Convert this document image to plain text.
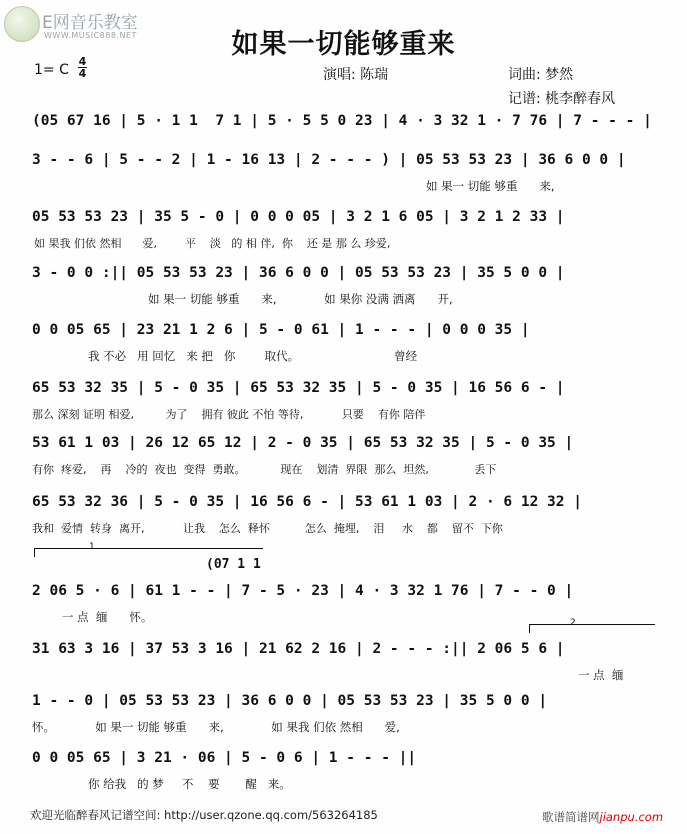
E网音乐教室
WWW.MUSIC888.NET	如果一切能够重来
1= C
4
4	演唱: 陈瑞	词曲: 梦然
记谱: 桃李醉春风
(05 67 16 | 5 · 1 1  7 1 | 5 · 5 5 0 23 | 4 · 3 32 1 · 7 76 | 7 - - - |
3 - - 6 | 5 - - 2 | 1 - 16 13 | 2 - - - ) | 05 53 53 23 | 36 6 0 0 |
如 果一 切能 够重      来,
05 53 53 23 | 35 5 - 0 | 0 0 0 05 | 3 2 1 6 05 | 3 2 1 2 33 |
如 果我 们依 然相      爱,        平    淡   的 相 伴,  你    还 是 那 么 珍爱,
3 - 0 0 :|| 05 53 53 23 | 36 6 0 0 | 05 53 53 23 | 35 5 0 0 |
如 果一 切能 够重      来,             如 果你 没满 洒离      开,
0 0 05 65 | 23 21 1 2 6 | 5 - 0 61 | 1 - - - | 0 0 0 35 |
我 不必   用 回忆   来 把   你        取代。                          曾经
65 53 32 35 | 5 - 0 35 | 65 53 32 35 | 5 - 0 35 | 16 56 6 - |
那么 深刻 证明 相爱,         为了    拥有 彼此 不怕 等待,           只要    有你 陪伴
53 61 1 03 | 26 12 65 12 | 2 - 0 35 | 65 53 32 35 | 5 - 0 35 |
有你  疼爱,    再    冷的  夜也  变得  勇敢。          现在    划清  界限  那么  坦然,             丢下
65 53 32 36 | 5 - 0 35 | 16 56 6 - | 53 61 1 03 | 2 · 6 12 32 |
我和  爱情  转身  离开,           让我    怎么  释怀          怎么  掩埋,    泪     水    都    留不  下你
1
(07 1 1
2 06 5 · 6 | 61 1 - - | 7 - 5 · 23 | 4 · 3 32 1 76 | 7 - - 0 |
一 点  缅      怀。	2
31 63 3 16 | 37 53 3 16 | 21 62 2 16 | 2 - - - :|| 2 06 5 6 |
一 点  缅
1 - - 0 | 05 53 53 23 | 36 6 0 0 | 05 53 53 23 | 35 5 0 0 |
怀。           如 果一 切能 够重      来,             如 果我 们依 然相      爱,
0 0 05 65 | 3 21 · 06 | 5 - 0 6 | 1 - - - ||
你 给我   的 梦     不    要       醒   来。
欢迎光临醉春风记谱空间: http://user.qzone.qq.com/563264185	歌谱简谱网jianpu.com
